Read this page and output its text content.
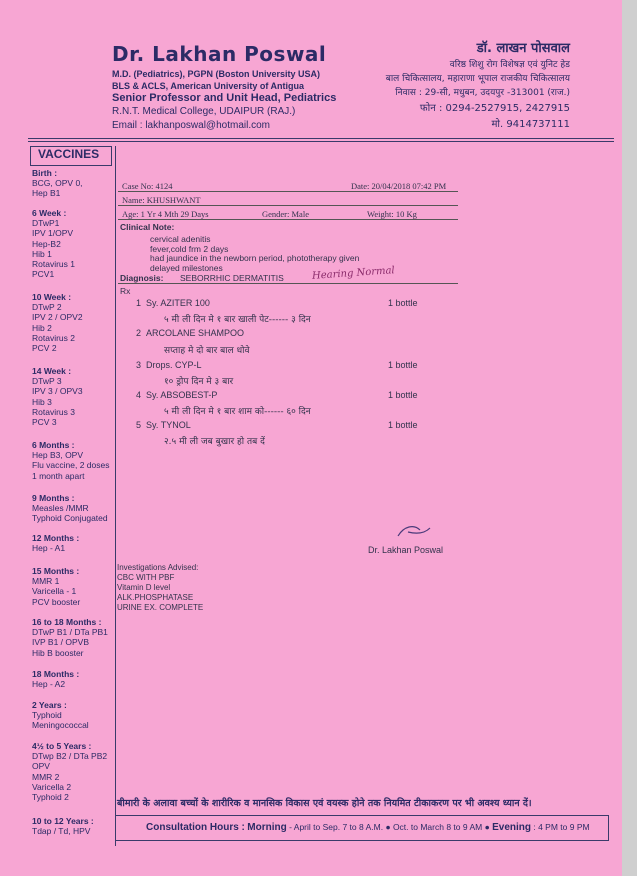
Dr. Lakhan Poswal
M.D. (Pediatrics), PGPN (Boston University USA)
BLS & ACLS, American University of Antigua
Senior Professor and Unit Head, Pediatrics
R.N.T. Medical College, UDAIPUR (RAJ.)
Email : lakhanposwal@hotmail.com
डॉ. लाखन पोसवाल
वरिष्ठ शिशु रोग विशेषज्ञ एवं युनिट हेड
बाल चिकित्सालय, महाराणा भूपाल राजकीय चिकित्सालय
निवास : 29-सी, मधुबन, उदयपुर -313001 (राज.)
फोन : 0294-2527915, 2427915
मो. 9414737111
VACCINES
Birth :
BCG, OPV 0,
Hep B1
6 Week :
DTwP1
IPV 1/OPV
Hep-B2
Hib 1
Rotavirus 1
PCV1
10 Week :
DTwP 2
IPV 2 / OPV2
Hib 2
Rotavirus 2
PCV 2
14 Week :
DTwP 3
IPV 3 / OPV3
Hib 3
Rotavirus 3
PCV 3
6 Months :
Hep B3, OPV
Flu vaccine, 2 doses
1 month apart
9 Months :
Measles /MMR
Typhoid Conjugated
12 Months :
Hep - A1
15 Months :
MMR 1
Varicella - 1
PCV booster
16 to 18 Months :
DTwP B1 / DTa PB1
IVP B1 / OPVB
Hib B booster
18 Months :
Hep - A2
2 Years :
Typhoid
Meningococcal
4½ to 5 Years :
DTwp B2 / DTa PB2
OPV
MMR 2
Varicella 2
Typhoid 2
10 to 12 Years :
Tdap / Td, HPV
Case No: 4124	Date: 20/04/2018 07:42 PM
Name: KHUSHWANT
Age: 1 Yr 4 Mth 29 Days	Gender: Male	Weight: 10 Kg
Clinical Note:
cervical adenitis
fever,cold frm 2 days
had jaundice in the newborn period, phototherapy given
delayed milestones
Diagnosis: SEBORRHIC DERMATITIS	Hearing Normal
Rx
1 Sy. AZITER 100	1 bottle
५ मी ली दिन मे १ बार खाली पेट------ ३ दिन
2 ARCOLANE SHAMPOO
सप्ताह मे दो बार बाल धोवे
3 Drops. CYP-L	1 bottle
१० ड्रोप दिन मे ३ बार
4 Sy. ABSOBEST-P	1 bottle
५ मी ली दिन मे १ बार शाम को------ ६० दिन
5 Sy. TYNOL	1 bottle
२.५ मी ली जब बुखार हो तब दें
Dr. Lakhan Poswal
Investigations Advised:
CBC WITH PBF
Vitamin D level
ALK.PHOSPHATASE
URINE EX. COMPLETE
बीमारी के अलावा बच्चों के शारीरिक व मानसिक विकास एवं वयस्क होने तक नियमित टीकाकरण पर भी अवश्य ध्यान दें।
Consultation Hours : Morning - April to Sep. 7 to 8 A.M. ● Oct. to March 8 to 9 AM ● Evening : 4 PM to 9 PM
